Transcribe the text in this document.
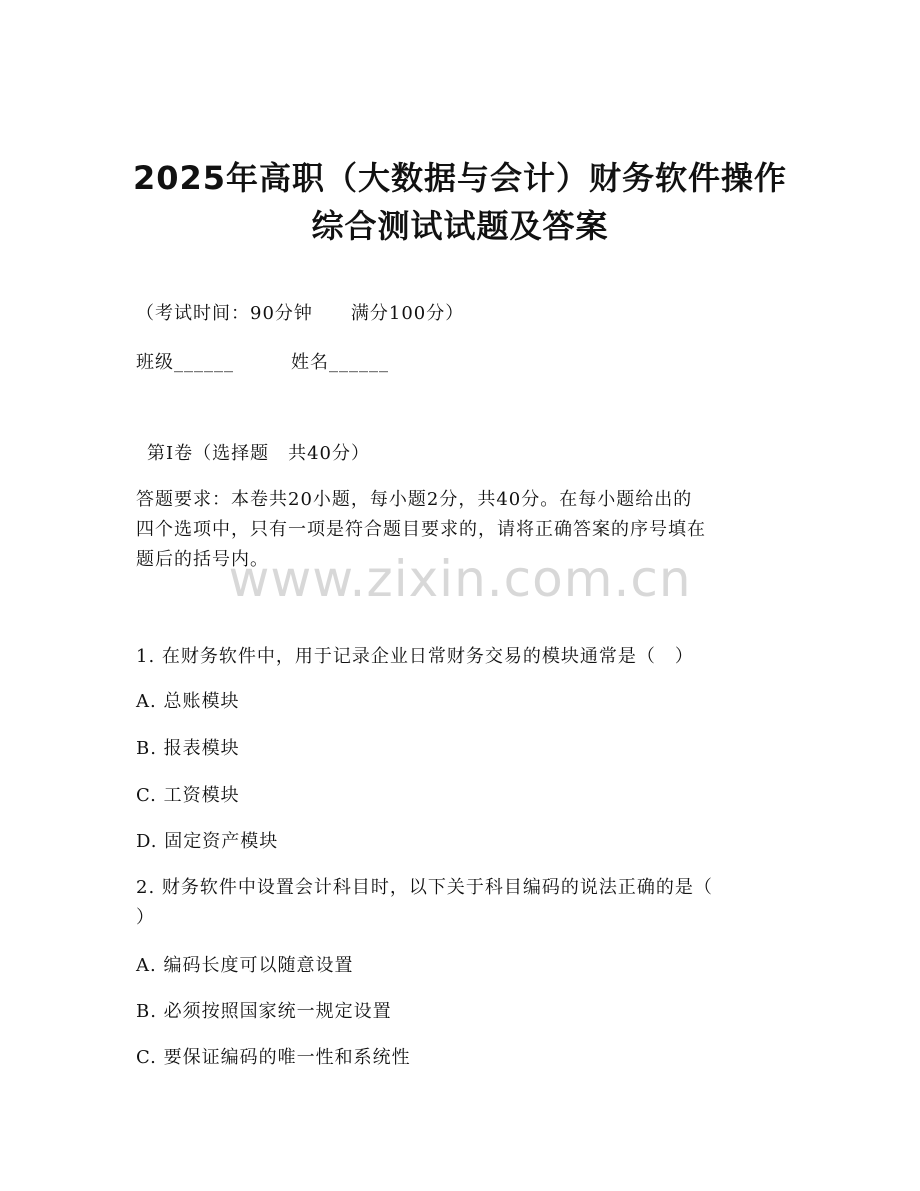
2025年高职（大数据与会计）财务软件操作
综合测试试题及答案
（考试时间：90分钟　　满分100分）
班级______　　　姓名______
第Ⅰ卷（选择题　共40分）
答题要求：本卷共20小题，每小题2分，共40分。在每小题给出的
四个选项中，只有一项是符合题目要求的，请将正确答案的序号填在
题后的括号内。
www.zixin.com.cn
1. 在财务软件中，用于记录企业日常财务交易的模块通常是（　）
A. 总账模块
B. 报表模块
C. 工资模块
D. 固定资产模块
2. 财务软件中设置会计科目时，以下关于科目编码的说法正确的是（
）
A. 编码长度可以随意设置
B. 必须按照国家统一规定设置
C. 要保证编码的唯一性和系统性
